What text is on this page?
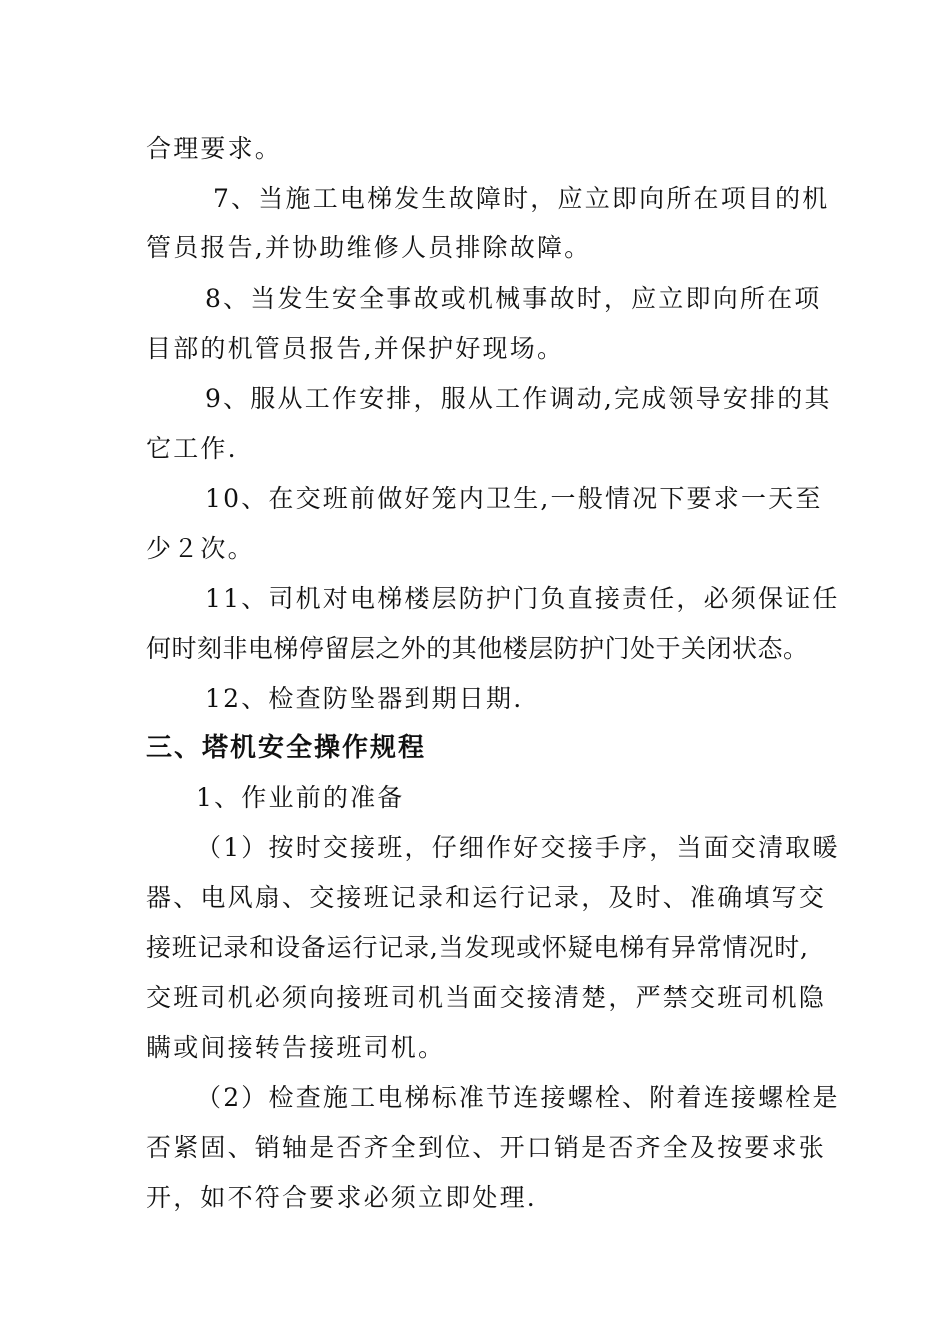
合理要求。
7、当施工电梯发生故障时，应立即向所在项目的机
管员报告,并协助维修人员排除故障。
8、当发生安全事故或机械事故时，应立即向所在项
目部的机管员报告,并保护好现场。
9、服从工作安排，服从工作调动,完成领导安排的其
它工作.
10、在交班前做好笼内卫生,一般情况下要求一天至
少２次。
11、司机对电梯楼层防护门负直接责任，必须保证任
何时刻非电梯停留层之外的其他楼层防护门处于关闭状态。
12、检查防坠器到期日期.
三、塔机安全操作规程
1、作业前的准备
（1）按时交接班，仔细作好交接手序，当面交清取暖
器、电风扇、交接班记录和运行记录，及时、准确填写交
接班记录和设备运行记录,当发现或怀疑电梯有异常情况时,
交班司机必须向接班司机当面交接清楚，严禁交班司机隐
瞒或间接转告接班司机。
（2）检查施工电梯标准节连接螺栓、附着连接螺栓是
否紧固、销轴是否齐全到位、开口销是否齐全及按要求张
开，如不符合要求必须立即处理.
